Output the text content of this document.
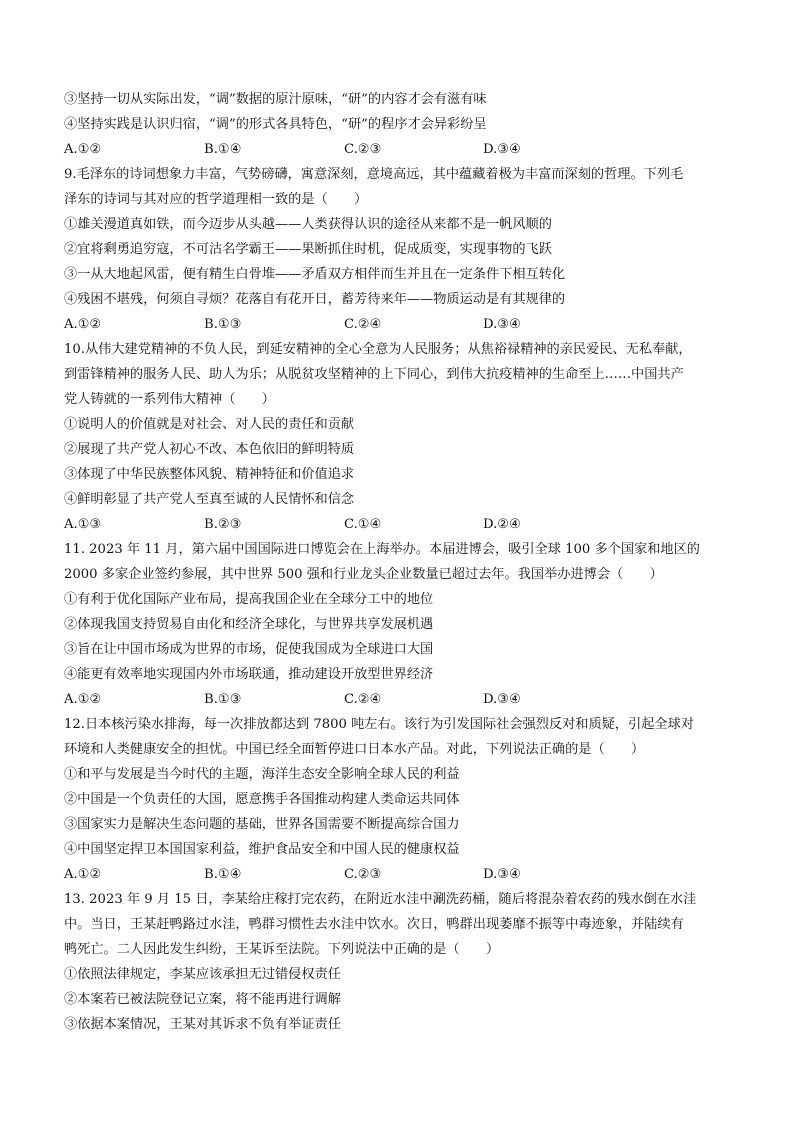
③坚持一切从实际出发，“调”数据的原汁原味，“研”的内容才会有滋有味
④坚持实践是认识归宿，“调”的形式各具特色，“研”的程序才会异彩纷呈
A.①②	B.①④	C.②③	D.③④
9.毛泽东的诗词想象力丰富，气势磅礴，寓意深刻，意境高远，其中蕴藏着极为丰富而深刻的哲理。下列毛
泽东的诗词与其对应的哲学道理相一致的是（　　）
①雄关漫道真如铁，而今迈步从头越——人类获得认识的途径从来都不是一帆风顺的
②宜将剩勇追穷寇，不可沽名学霸王——果断抓住时机，促成质变，实现事物的飞跃
③一从大地起风雷，便有精生白骨堆——矛盾双方相伴而生并且在一定条件下相互转化
④残困不堪残，何须自寻烦？花落自有花开日，蓄芳待来年——物质运动是有其规律的
A.①②	B.①③	C.②④	D.③④
10.从伟大建党精神的不负人民，到延安精神的全心全意为人民服务；从焦裕禄精神的亲民爱民、无私奉献，
到雷锋精神的服务人民、助人为乐；从脱贫攻坚精神的上下同心，到伟大抗疫精神的生命至上……中国共产
党人铸就的一系列伟大精神（　　）
①说明人的价值就是对社会、对人民的责任和贡献
②展现了共产党人初心不改、本色依旧的鲜明特质
③体现了中华民族整体风貌、精神特征和价值追求
④鲜明彰显了共产党人至真至诚的人民情怀和信念
A.①③	B.②③	C.①④	D.②④
11. 2023 年 11 月，第六届中国国际进口博览会在上海举办。本届进博会，吸引全球 100 多个国家和地区的
2000 多家企业签约参展，其中世界 500 强和行业龙头企业数量已超过去年。我国举办进博会（　　）
①有利于优化国际产业布局，提高我国企业在全球分工中的地位
②体现我国支持贸易自由化和经济全球化，与世界共享发展机遇
③旨在让中国市场成为世界的市场，促使我国成为全球进口大国
④能更有效率地实现国内外市场联通，推动建设开放型世界经济
A.①②	B.①③	C.②④	D.③④
12.日本核污染水排海，每一次排放都达到 7800 吨左右。该行为引发国际社会强烈反对和质疑，引起全球对
环境和人类健康安全的担忧。中国已经全面暂停进口日本水产品。对此，下列说法正确的是（　　）
①和平与发展是当今时代的主题，海洋生态安全影响全球人民的利益
②中国是一个负责任的大国，愿意携手各国推动构建人类命运共同体
③国家实力是解决生态问题的基础，世界各国需要不断提高综合国力
④中国坚定捍卫本国国家利益，维护食品安全和中国人民的健康权益
A.①②	B.①④	C.②③	D.③④
13. 2023 年 9 月 15 日，李某给庄稼打完农药，在附近水洼中涮洗药桶，随后将混杂着农药的残水倒在水洼
中。当日，王某赶鸭路过水洼，鸭群习惯性去水洼中饮水。次日，鸭群出现萎靡不振等中毒迹象，并陆续有
鸭死亡。二人因此发生纠纷，王某诉至法院。下列说法中正确的是（　　）
①依照法律规定，李某应该承担无过错侵权责任
②本案若已被法院登记立案，将不能再进行调解
③依据本案情况，王某对其诉求不负有举证责任
